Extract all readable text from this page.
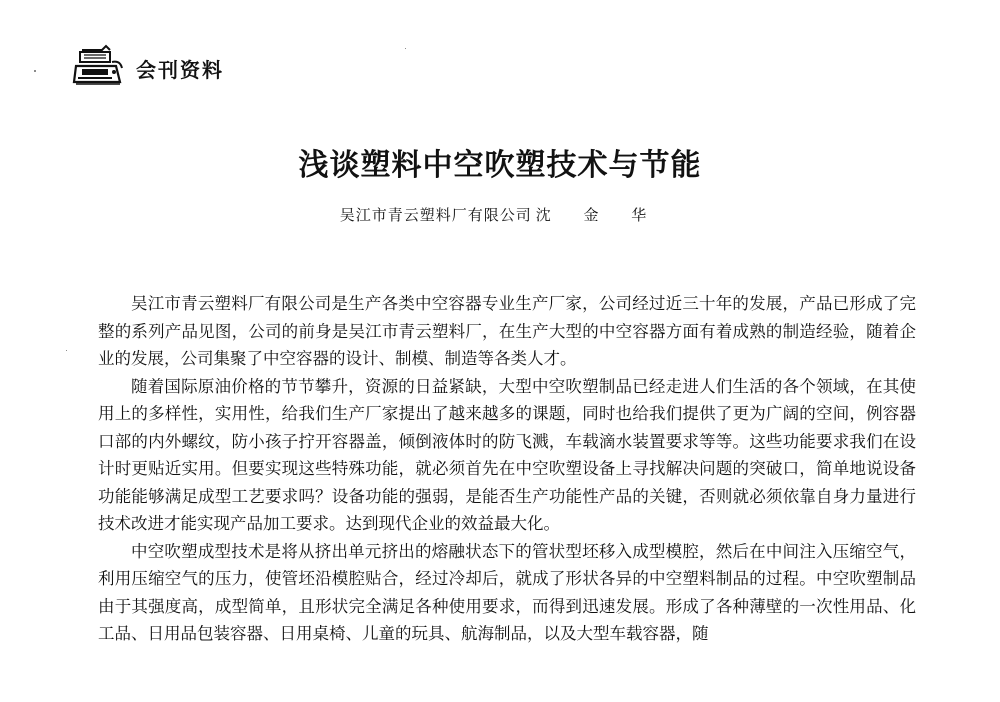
会刊资料
浅谈塑料中空吹塑技术与节能
吴江市青云塑料厂有限公司 沈 金 华

吴江市青云塑料厂有限公司是生产各类中空容器专业生产厂家，公司经过近三十年的发展，产品已形成了完整的系列产品见图，公司的前身是吴江市青云塑料厂，在生产大型的中空容器方面有着成熟的制造经验，随着企业的发展，公司集聚了中空容器的设计、制模、制造等各类人才。

随着国际原油价格的节节攀升，资源的日益紧缺，大型中空吹塑制品已经走进人们生活的各个领域，在其使用上的多样性，实用性，给我们生产厂家提出了越来越多的课题，同时也给我们提供了更为广阔的空间，例容器口部的内外螺纹，防小孩子拧开容器盖，倾倒液体时的防飞溅，车载滴水装置要求等等。这些功能要求我们在设计时更贴近实用。但要实现这些特殊功能，就必须首先在中空吹塑设备上寻找解决问题的突破口，简单地说设备功能能够满足成型工艺要求吗？设备功能的强弱，是能否生产功能性产品的关键，否则就必须依靠自身力量进行技术改进才能实现产品加工要求。达到现代企业的效益最大化。

中空吹塑成型技术是将从挤出单元挤出的熔融状态下的管状型坯移入成型模腔，然后在中间注入压缩空气，利用压缩空气的压力，使管坯沿模腔贴合，经过冷却后，就成了形状各异的中空塑料制品的过程。中空吹塑制品由于其强度高，成型简单，且形状完全满足各种使用要求，而得到迅速发展。形成了各种薄壁的一次性用品、化工品、日用品包装容器、日用桌椅、儿童的玩具、航海制品，以及大型车载容器，随
